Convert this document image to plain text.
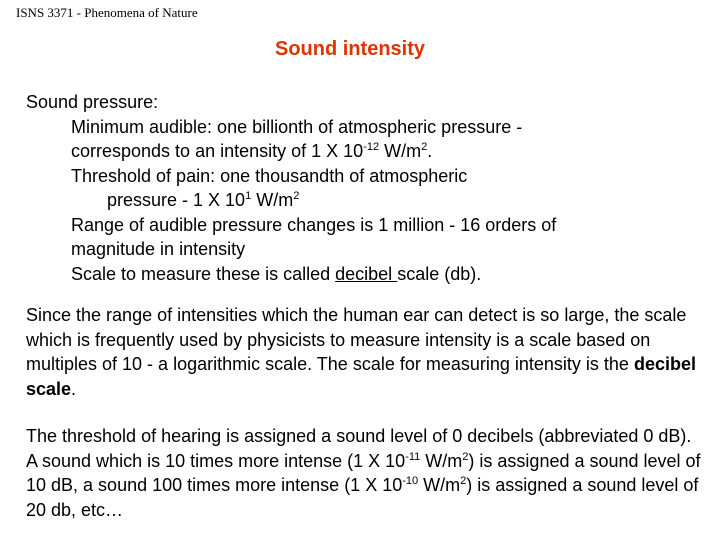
ISNS 3371 - Phenomena of Nature
Sound intensity
Sound pressure:
Minimum audible: one billionth of atmospheric pressure -
corresponds to an intensity of 1 X $10^{-12}$ $W/m^2$.
Threshold of pain: one thousandth of atmospheric
pressure - 1 X $10^1$ $W/m^2$
Range of audible pressure changes is 1 million - 16 orders of
magnitude in intensity
Scale to measure these is called decibel scale (db).
Since the range of intensities which the human ear can detect is so large, the scale which is frequently used by physicists to measure intensity is a scale based on multiples of 10 - a logarithmic scale. The scale for measuring intensity is the decibel scale.
The threshold of hearing is assigned a sound level of 0 decibels (abbreviated 0 dB). A sound which is 10 times more intense (1 X $10^{-11}$ $W/m^2$) is assigned a sound level of 10 dB, a sound 100 times more intense (1 X $10^{-10}$ $W/m^2$) is assigned a sound level of 20 db, etc…
